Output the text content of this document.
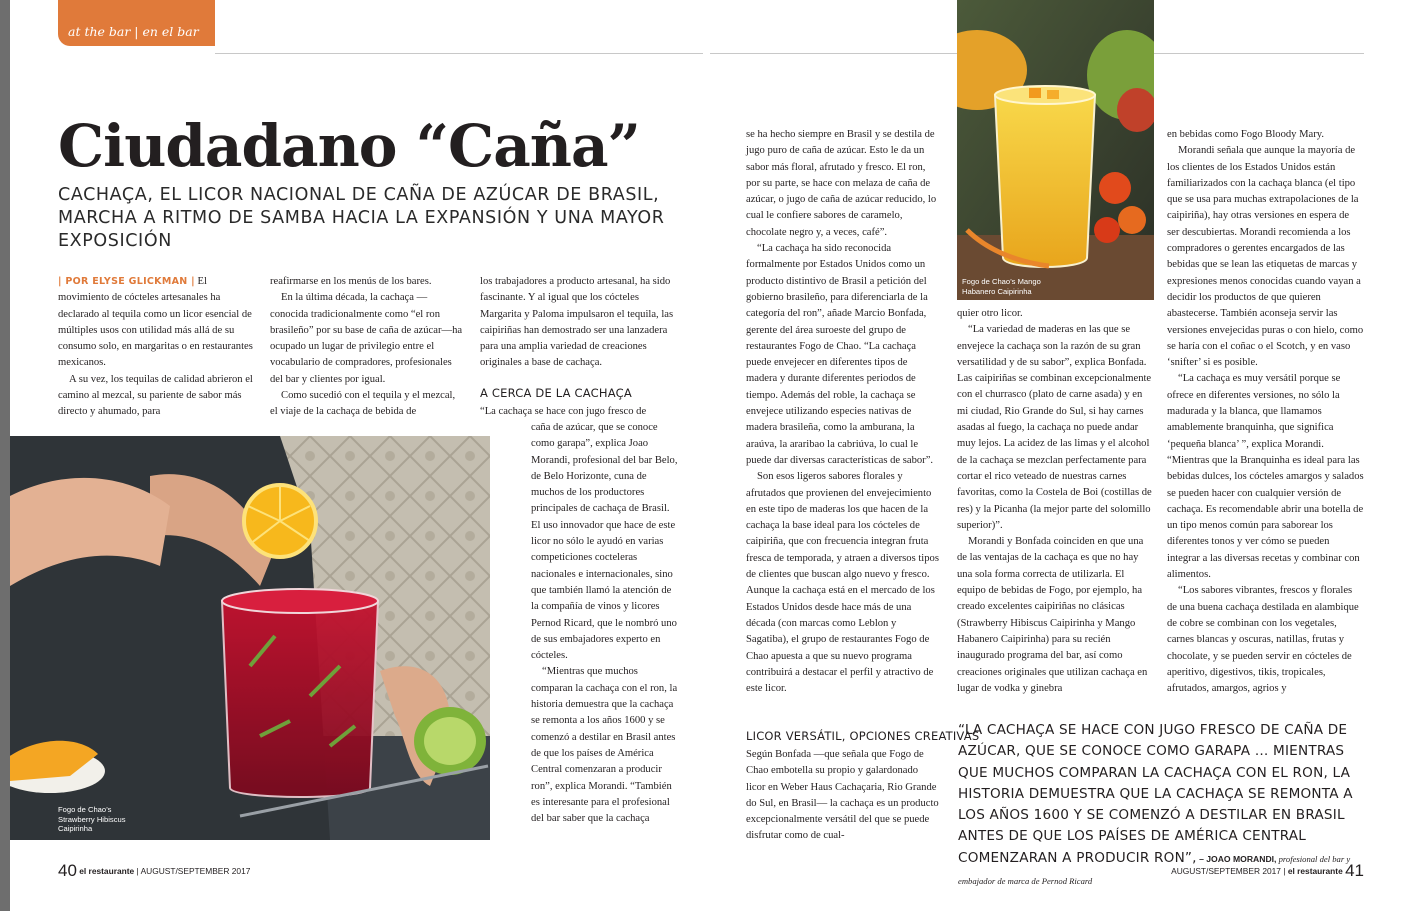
at the bar | en el bar
Ciudadano “Caña”
CACHAÇA, EL LICOR NACIONAL DE CAÑA DE AZÚCAR DE BRASIL, MARCHA A RITMO DE SAMBA HACIA LA EXPANSIÓN Y UNA MAYOR EXPOSICIÓN

| POR ELYSE GLICKMAN | El movimiento de cócteles artesanales ha declarado al tequila como un licor esencial de múltiples usos con utilidad más allá de su consumo solo, en margaritas o en restaurantes mexicanos.

A su vez, los tequilas de calidad abrieron el camino al mezcal, su pariente de sabor más directo y ahumado, para

reafirmarse en los menús de los bares.

En la última década, la cachaça —conocida tradicionalmente como “el ron brasileño” por su base de caña de azúcar—ha ocupado un lugar de privilegio entre el vocabulario de compradores, profesionales del bar y clientes por igual.

Como sucedió con el tequila y el mezcal, el viaje de la cachaça de bebida de

los trabajadores a producto artesanal, ha sido fascinante. Y al igual que los cócteles Margarita y Paloma impulsaron el tequila, las caipiriñas han demostrado ser una lanzadera para una amplia variedad de creaciones originales a base de cachaça.

A CERCA DE LA CACHAÇA

“La cachaça se hace con jugo fresco de

caña de azúcar, que se conoce como garapa”, explica Joao Morandi, profesional del bar Belo, de Belo Horizonte, cuna de muchos de los productores principales de cachaça de Brasil. El uso innovador que hace de este licor no sólo le ayudó en varias competiciones cocteleras nacionales e internacionales, sino que también llamó la atención de la compañía de vinos y licores Pernod Ricard, que le nombró uno de sus embajadores experto en cócteles.

“Mientras que muchos comparan la cachaça con el ron, la historia demuestra que la cachaça se remonta a los años 1600 y se comenzó a destilar en Brasil antes de que los países de América Central comenzaran a producir ron”, explica Morandi. “También es interesante para el profesional del bar saber que la cachaça

Fogo de Chao’s
Strawberry Hibiscus
Caipirinha

se ha hecho siempre en Brasil y se destila de jugo puro de caña de azúcar. Esto le da un sabor más floral, afrutado y fresco. El ron, por su parte, se hace con melaza de caña de azúcar, o jugo de caña de azúcar reducido, lo cual le confiere sabores de caramelo, chocolate negro y, a veces, café”.

“La cachaça ha sido reconocida formalmente por Estados Unidos como un producto distintivo de Brasil a petición del gobierno brasileño, para diferenciarla de la categoría del ron”, añade Marcio Bonfada, gerente del área suroeste del grupo de restaurantes Fogo de Chao. “La cachaça puede envejecer en diferentes tipos de madera y durante diferentes periodos de tiempo. Además del roble, la cachaça se envejece utilizando especies nativas de madera brasileña, como la amburana, la araúva, la araribao la cabriúva, lo cual le puede dar diversas características de sabor”.

Son esos ligeros sabores florales y afrutados que provienen del envejecimiento en este tipo de maderas los que hacen de la cachaça la base ideal para los cócteles de caipiriña, que con frecuencia integran fruta fresca de temporada, y atraen a diversos tipos de clientes que buscan algo nuevo y fresco. Aunque la cachaça está en el mercado de los Estados Unidos desde hace más de una década (con marcas como Leblon y Sagatiba), el grupo de restaurantes Fogo de Chao apuesta a que su nuevo programa contribuirá a destacar el perfil y atractivo de este licor.

LICOR VERSÁTIL, OPCIONES CREATIVAS

Según Bonfada —que señala que Fogo de Chao embotella su propio y galardonado licor en Weber Haus Cachaçaria, Rio Grande do Sul, en Brasil— la cachaça es un producto excepcionalmente versátil del que se puede disfrutar como de cual-

Fogo de Chao’s Mango
Habanero Caipirinha

quier otro licor.

“La variedad de maderas en las que se envejece la cachaça son la razón de su gran versatilidad y de su sabor”, explica Bonfada. Las caipiriñas se combinan excepcionalmente con el churrasco (plato de carne asada) y en mi ciudad, Rio Grande do Sul, si hay carnes asadas al fuego, la cachaça no puede andar muy lejos. La acidez de las limas y el alcohol de la cachaça se mezclan perfectamente para cortar el rico veteado de nuestras carnes favoritas, como la Costela de Boi (costillas de res) y la Picanha (la mejor parte del solomillo superior)”.

Morandi y Bonfada coinciden en que una de las ventajas de la cachaça es que no hay una sola forma correcta de utilizarla. El equipo de bebidas de Fogo, por ejemplo, ha creado excelentes caipiriñas no clásicas (Strawberry Hibiscus Caipirinha y Mango Habanero Caipirinha) para su recién inaugurado programa del bar, así como creaciones originales que utilizan cachaça en lugar de vodka y ginebra

en bebidas como Fogo Bloody Mary.

Morandi señala que aunque la mayoría de los clientes de los Estados Unidos están familiarizados con la cachaça blanca (el tipo que se usa para muchas extrapolaciones de la caipiriña), hay otras versiones en espera de ser descubiertas. Morandi recomienda a los compradores o gerentes encargados de las bebidas que se lean las etiquetas de marcas y expresiones menos conocidas cuando vayan a decidir los productos de que quieren abastecerse. También aconseja servir las versiones envejecidas puras o con hielo, como se haría con el coñac o el Scotch, y en vaso ‘snifter’ si es posible.

“La cachaça es muy versátil porque se ofrece en diferentes versiones, no sólo la madurada y la blanca, que llamamos amablemente branquinha, que significa ‘pequeña blanca’ ”, explica Morandi. “Mientras que la Branquinha es ideal para las bebidas dulces, los cócteles amargos y salados se pueden hacer con cualquier versión de cachaça. Es recomendable abrir una botella de un tipo menos común para saborear los diferentes tonos y ver cómo se pueden integrar a las diversas recetas y combinar con alimentos.

“Los sabores vibrantes, frescos y florales de una buena cachaça destilada en alambique de cobre se combinan con los vegetales, carnes blancas y oscuras, natillas, frutas y chocolate, y se pueden servir en cócteles de aperitivo, digestivos, tikis, tropicales, afrutados, amargos, agrios y

“LA CACHAÇA SE HACE CON JUGO FRESCO DE CAÑA DE AZÚCAR, QUE SE CONOCE COMO GARAPA … MIENTRAS QUE MUCHOS COMPARAN LA CACHAÇA CON EL RON, LA HISTORIA DEMUESTRA QUE LA CACHAÇA SE REMONTA A LOS AÑOS 1600 Y SE COMENZÓ A DESTILAR EN BRASIL ANTES DE QUE LOS PAÍSES DE AMÉRICA CENTRAL COMENZARAN A PRODUCIR RON”, – JOAO MORANDI, profesional del bar y embajador de marca de Pernod Ricard
40 el restaurante | AUGUST/SEPTEMBER 2017	AUGUST/SEPTEMBER 2017 | el restaurante 41
